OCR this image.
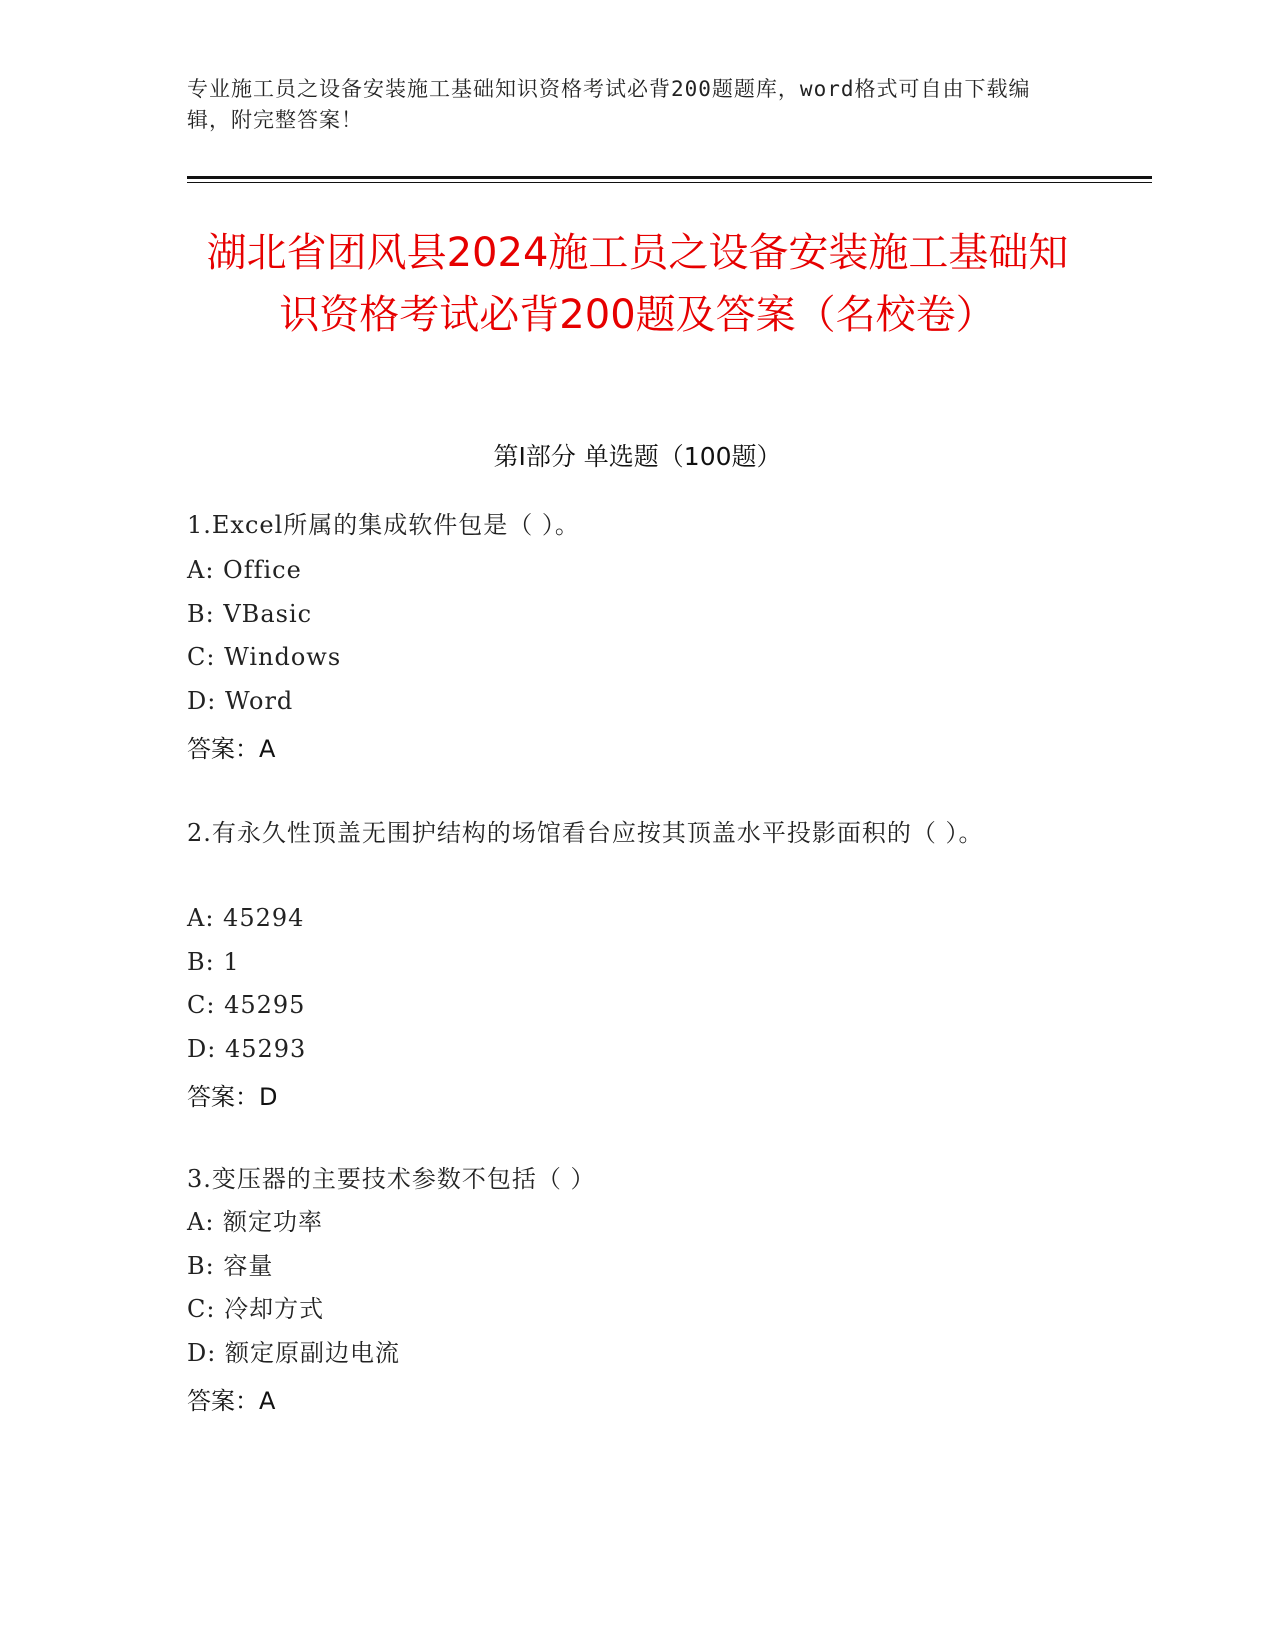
专业施工员之设备安装施工基础知识资格考试必背200题题库，word格式可自由下载编辑，附完整答案！
湖北省团风县2024施工员之设备安装施工基础知识资格考试必背200题及答案（名校卷）
第I部分 单选题（100题）
1.Excel所属的集成软件包是（ ）。
A: Office
B: VBasic
C: Windows
D: Word
答案：A
2.有永久性顶盖无围护结构的场馆看台应按其顶盖水平投影面积的（ ）。
A: 45294
B: 1
C: 45295
D: 45293
答案：D
3.变压器的主要技术参数不包括（ ）
A: 额定功率
B: 容量
C: 冷却方式
D: 额定原副边电流
答案：A
